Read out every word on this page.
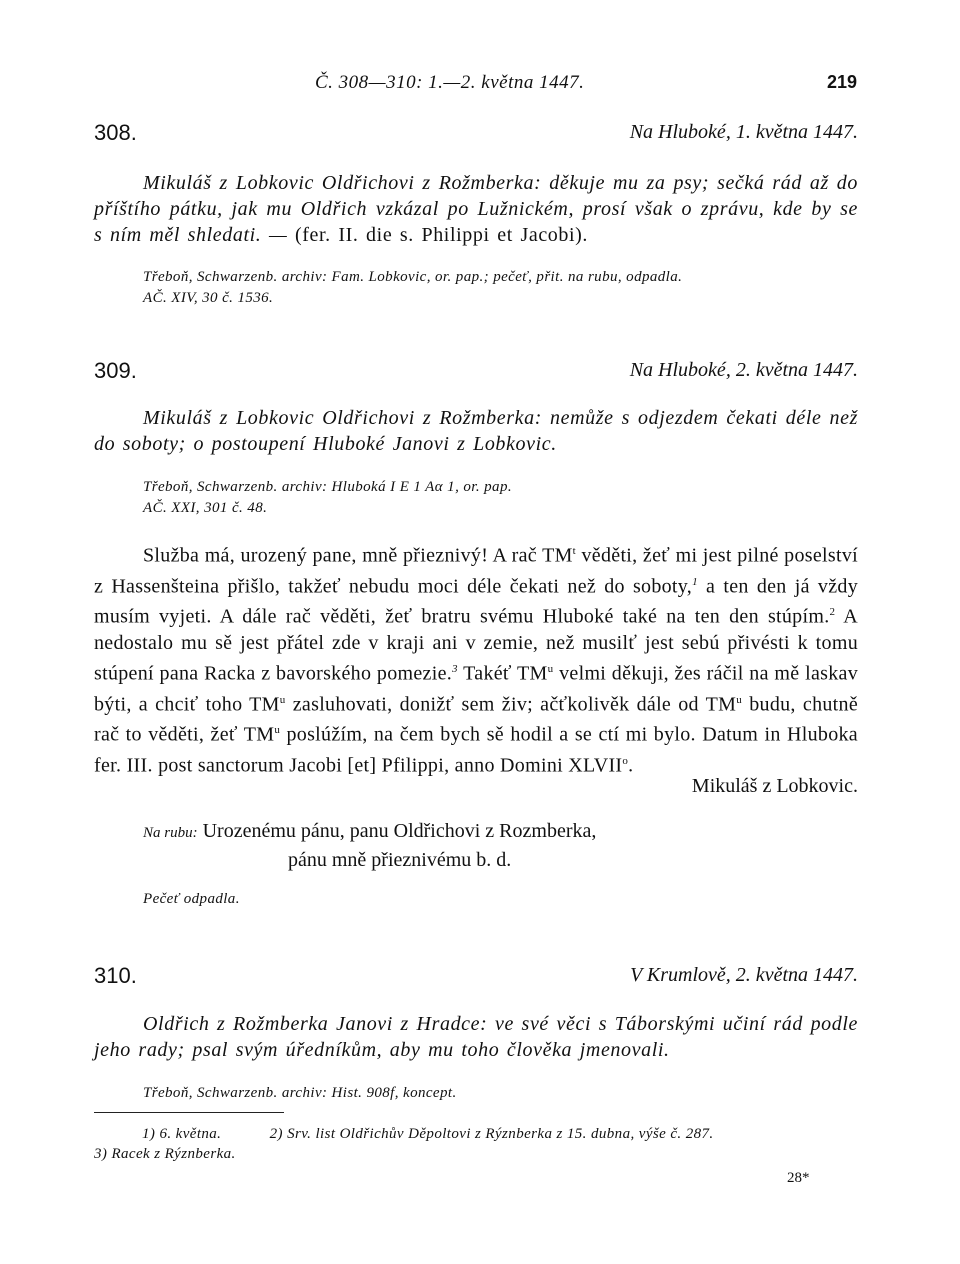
Č. 308—310: 1.—2. května 1447.	219
308.	Na Hluboké, 1. května 1447.
Mikuláš z Lobkovic Oldřichovi z Rožmberka: děkuje mu za psy; sečká rád až do příštího pátku, jak mu Oldřich vzkázal po Lužnickém, prosí však o zprávu, kde by se s ním měl shledati. — (fer. II. die s. Philippi et Jacobi).
Třeboň, Schwarzenb. archiv: Fam. Lobkovic, or. pap.; pečeť, přit. na rubu, odpadla.
AČ. XIV, 30 č. 1536.
309.	Na Hluboké, 2. května 1447.
Mikuláš z Lobkovic Oldřichovi z Rožmberka: nemůže s odjezdem čekati déle než do soboty; o postoupení Hluboké Janovi z Lobkovic.
Třeboň, Schwarzenb. archiv: Hluboká I E 1 Aα 1, or. pap.
AČ. XXI, 301 č. 48.

Služba má, urozený pane, mně přieznivý! A rač $TM^t$ věděti, žeť mi jest pilné poselství z Hassenšteina přišlo, takžeť nebudu moci déle čekati než do soboty,$^1$ a ten den já vždy musím vyjeti. A dále rač věděti, žeť bratru svému Hluboké také na ten den stúpím.$^2$ A nedostalo mu sě jest přátel zde v kraji ani v zemie, než musilť jest sebú přivésti k tomu stúpení pana Racka z bavorského pomezie.$^3$ Takéť $TM^u$ velmi děkuji, žes ráčil na mě laskav býti, a chciť toho $TM^u$ zasluhovati, donižť sem živ; ačťkolivěk dále od $TM^u$ budu, chutně rač to věděti, žeť $TM^u$ poslúžím, na čem bych sě hodil a se ctí mi bylo. Datum in Hluboka fer. III. post sanctorum Jacobi [et] Pfilippi, anno Domini XLVII$^o$.

Mikuláš z Lobkovic.
Na rubu: Urozenému pánu, panu Oldřichovi z Rozmberka,
pánu mně přieznivému b. d.
Pečeť odpadla.
310.	V Krumlově, 2. května 1447.
Oldřich z Rožmberka Janovi z Hradce: ve své věci s Táborskými učiní rád podle jeho rady; psal svým úředníkům, aby mu toho člověka jmenovali.
Třeboň, Schwarzenb. archiv: Hist. 908f, koncept.
1) 6. května.	2) Srv. list Oldřichův Děpoltovi z Rýznberka z 15. dubna, výše č. 287.
3) Racek z Rýznberka.
28*
